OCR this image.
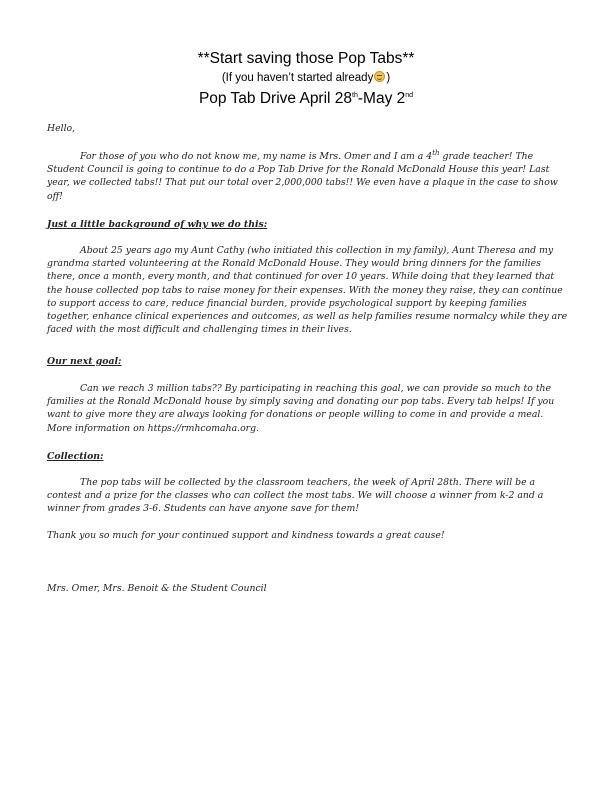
**Start saving those Pop Tabs**
(If you haven’t started already )
Pop Tab Drive April 28th-May 2nd
Hello,
For those of you who do not know me, my name is Mrs. Omer and I am a 4th grade teacher! The Student Council is going to continue to do a Pop Tab Drive for the Ronald McDonald House this year! Last year, we collected tabs!! That put our total over 2,000,000 tabs!! We even have a plaque in the case to show off!
Just a little background of why we do this:
About 25 years ago my Aunt Cathy (who initiated this collection in my family), Aunt Theresa and my grandma started volunteering at the Ronald McDonald House. They would bring dinners for the families there, once a month, every month, and that continued for over 10 years. While doing that they learned that the house collected pop tabs to raise money for their expenses. With the money they raise, they can continue to support access to care, reduce financial burden, provide psychological support by keeping families together, enhance clinical experiences and outcomes, as well as help families resume normalcy while they are faced with the most difficult and challenging times in their lives.
Our next goal:
Can we reach 3 million tabs?? By participating in reaching this goal, we can provide so much to the families at the Ronald McDonald house by simply saving and donating our pop tabs. Every tab helps! If you want to give more they are always looking for donations or people willing to come in and provide a meal. More information on https://rmhcomaha.org.
Collection:
The pop tabs will be collected by the classroom teachers, the week of April 28th. There will be a contest and a prize for the classes who can collect the most tabs. We will choose a winner from k-2 and a winner from grades 3-6. Students can have anyone save for them!
Thank you so much for your continued support and kindness towards a great cause!
Mrs. Omer, Mrs. Benoit & the Student Council
